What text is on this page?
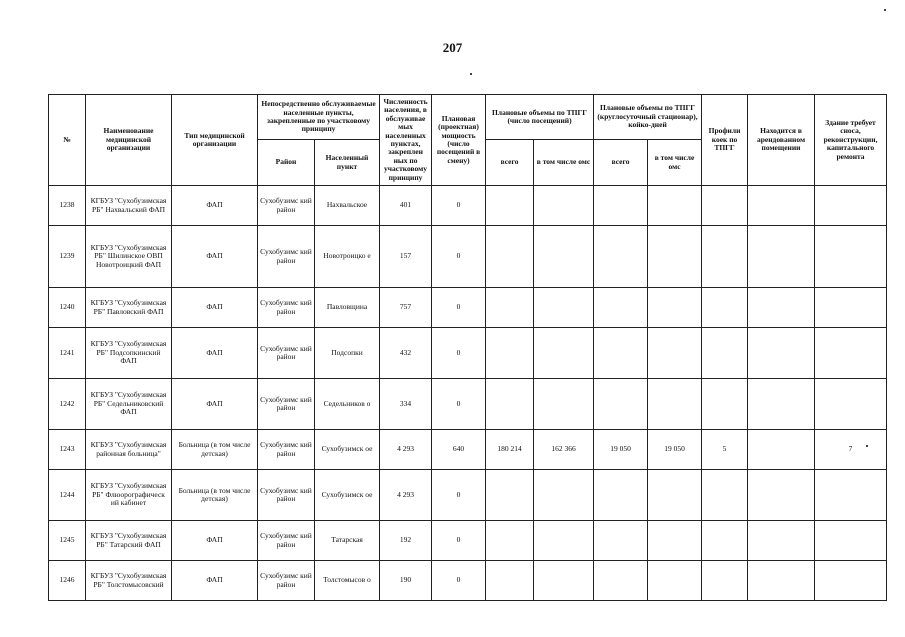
207
№	Наименование медицинской организации	Тип медицинской организации	Непосредственно обслуживаемые населенные пункты, закрепленные по участковому принципу		Численность населения, в обслуживае мых населенных пунктах, закреплен ных по участковому принципу	Плановая (проектная) мощность (число посещений в смену)	Плановые объемы по ТПГГ (число посещений)		Плановые объемы по ТПГГ (круглосуточный стационар), койко-дней		Профили коек по ТПГГ	Находится в арендованном помещении	Здание требует сноса, реконструкции, капитального ремонта
			Район	Населенный пункт			всего	в том числе омс	всего	в том числе омс			
1238	КГБУЗ "Сухобузимская РБ" Нахвальский ФАП	ФАП	Сухобузимс кий район	Нахвальское	401	0							
1239	КГБУЗ "Сухобузимская РБ" Шилинское ОВП Новотроицкий ФАП	ФАП	Сухобузимс кий район	Новотроицко е	157	0							
1240	КГБУЗ "Сухобузимская РБ" Павловский ФАП	ФАП	Сухобузимс кий район	Павловщина	757	0							
1241	КГБУЗ "Сухобузимская РБ" Подсопкинский ФАП	ФАП	Сухобузимс кий район	Подсопки	432	0							
1242	КГБУЗ "Сухобузимская РБ" Седельниковский ФАП	ФАП	Сухобузимс кий район	Седельников о	334	0							
1243	КГБУЗ "Сухобузимская районная больница"	Больница (в том числе детская)	Сухобузимс кий район	Сухобузимск ое	4 293	640	180 214	162 366	19 050	19 050	5		7
1244	КГБУЗ "Сухобузимская РБ" Флюорографическ ий кабинет	Больница (в том числе детская)	Сухобузимс кий район	Сухобузимск ое	4 293	0							
1245	КГБУЗ "Сухобузимская РБ" Татарский ФАП	ФАП	Сухобузимс кий район	Татарская	192	0							
1246	КГБУЗ "Сухобузимская РБ" Толстомысовский	ФАП	Сухобузимс кий район	Толстомысов о	190	0							
